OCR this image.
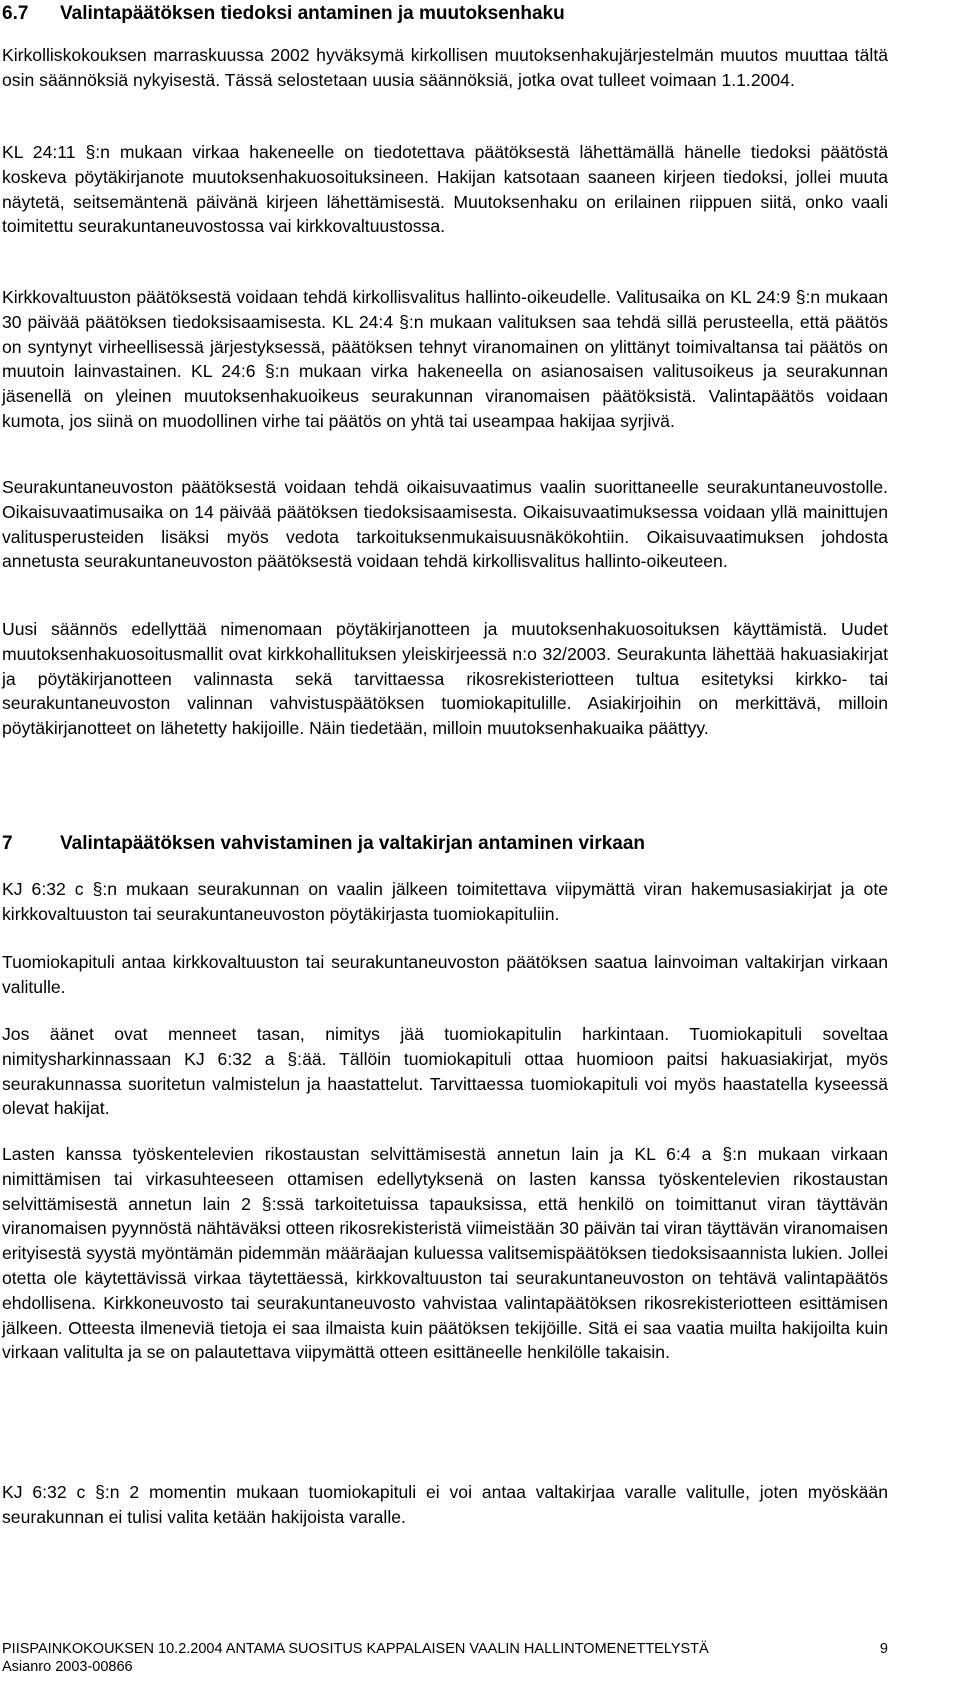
6.7	Valintapäätöksen tiedoksi antaminen ja muutoksenhaku

Kirkolliskokouksen marraskuussa 2002 hyväksymä kirkollisen muutoksenhakujärjestelmän muutos muuttaa tältä osin säännöksiä nykyisestä. Tässä selostetaan uusia säännöksiä, jotka ovat tulleet voimaan 1.1.2004.

KL 24:11 §:n mukaan virkaa hakeneelle on tiedotettava päätöksestä lähettämällä hänelle tiedoksi päätöstä koskeva pöytäkirjanote muutoksenhakuosoituksineen. Hakijan katsotaan saaneen kirjeen tiedoksi, jollei muuta näytetä, seitsemäntenä päivänä kirjeen lähettämisestä. Muutoksenhaku on erilainen riippuen siitä, onko vaali toimitettu seurakuntaneuvostossa vai kirkkovaltuustossa.

Kirkkovaltuuston päätöksestä voidaan tehdä kirkollisvalitus hallinto-oikeudelle. Valitusaika on KL 24:9 §:n mukaan 30 päivää päätöksen tiedoksisaamisesta. KL 24:4 §:n mukaan valituksen saa tehdä sillä perusteella, että päätös on syntynyt virheellisessä järjestyksessä, päätöksen tehnyt viranomainen on ylittänyt toimivaltansa tai päätös on muutoin lainvastainen. KL 24:6 §:n mukaan virka hakeneella on asianosaisen valitusoikeus ja seurakunnan jäsenellä on yleinen muutoksenhakuoikeus seurakunnan viranomaisen päätöksistä. Valintapäätös voidaan kumota, jos siinä on muodollinen virhe tai päätös on yhtä tai useampaa hakijaa syrjivä.

Seurakuntaneuvoston päätöksestä voidaan tehdä oikaisuvaatimus vaalin suorittaneelle seurakuntaneuvostolle. Oikaisuvaatimusaika on 14 päivää päätöksen tiedoksisaamisesta. Oikaisuvaatimuksessa voidaan yllä mainittujen valitusperusteiden lisäksi myös vedota tarkoituksenmukaisuusnäkökohtiin. Oikaisuvaatimuksen johdosta annetusta seurakuntaneuvoston päätöksestä voidaan tehdä kirkollisvalitus hallinto-oikeuteen.

Uusi säännös edellyttää nimenomaan pöytäkirjanotteen ja muutoksenhakuosoituksen käyttämistä. Uudet muutoksenhakuosoitusmallit ovat kirkkohallituksen yleiskirjeessä n:o 32/2003. Seurakunta lähettää hakuasiakirjat ja pöytäkirjanotteen valinnasta sekä tarvittaessa rikosrekisteriotteen tultua esitetyksi kirkko- tai seurakuntaneuvoston valinnan vahvistuspäätöksen tuomiokapitulille. Asiakirjoihin on merkittävä, milloin pöytäkirjanotteet on lähetetty hakijoille. Näin tiedetään, milloin muutoksenhakuaika päättyy.

7	Valintapäätöksen vahvistaminen ja valtakirjan antaminen virkaan

KJ 6:32 c §:n mukaan seurakunnan on vaalin jälkeen toimitettava viipymättä viran hakemusasiakirjat ja ote kirkkovaltuuston tai seurakuntaneuvoston pöytäkirjasta tuomiokapituliin.

Tuomiokapituli antaa kirkkovaltuuston tai seurakuntaneuvoston päätöksen saatua lainvoiman valtakirjan virkaan valitulle.

Jos äänet ovat menneet tasan, nimitys jää tuomiokapitulin harkintaan. Tuomiokapituli soveltaa nimitysharkinnassaan KJ 6:32 a §:ää. Tällöin tuomiokapituli ottaa huomioon paitsi hakuasiakirjat, myös seurakunnassa suoritetun valmistelun ja haastattelut. Tarvittaessa tuomiokapituli voi myös haastatella kyseessä olevat hakijat.

Lasten kanssa työskentelevien rikostaustan selvittämisestä annetun lain ja KL 6:4 a §:n mukaan virkaan nimittämisen tai virkasuhteeseen ottamisen edellytyksenä on lasten kanssa työskentelevien rikostaustan selvittämisestä annetun lain 2 §:ssä tarkoitetuissa tapauksissa, että henkilö on toimittanut viran täyttävän viranomaisen pyynnöstä nähtäväksi otteen rikosrekisteristä viimeistään 30 päivän tai viran täyttävän viranomaisen erityisestä syystä myöntämän pidemmän määräajan kuluessa valitsemispäätöksen tiedoksisaannista lukien. Jollei otetta ole käytettävissä virkaa täytettäessä, kirkkovaltuuston tai seurakuntaneuvoston on tehtävä valintapäätös ehdollisena. Kirkkoneuvosto tai seurakuntaneuvosto vahvistaa valintapäätöksen rikosrekisteriotteen esittämisen jälkeen. Otteesta ilmeneviä tietoja ei saa ilmaista kuin päätöksen tekijöille. Sitä ei saa vaatia muilta hakijoilta kuin virkaan valitulta ja se on palautettava viipymättä otteen esittäneelle henkilölle takaisin.

KJ 6:32 c §:n 2 momentin mukaan tuomiokapituli ei voi antaa valtakirjaa varalle valitulle, joten myöskään seurakunnan ei tulisi valita ketään hakijoista varalle.

PIISPAINKOKOUKSEN 10.2.2004 ANTAMA SUOSITUS KAPPALAISEN VAALIN HALLINTOMENETTELYSTÄ	9
Asianro 2003-00866
